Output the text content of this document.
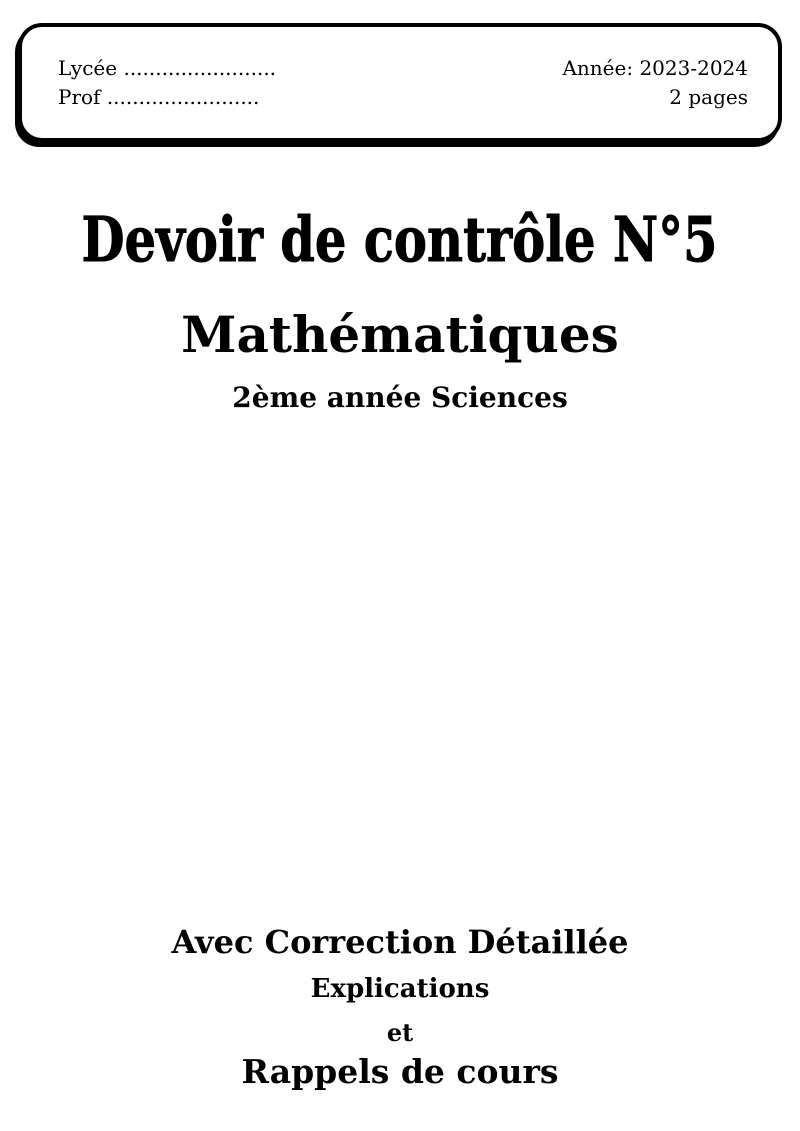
Lycée ........................
Prof ........................
Année: 2023-2024
2 pages
Devoir de contrôle N°5
Mathématiques
2ème année Sciences
Avec Correction Détaillée
Explications
et
Rappels de cours
